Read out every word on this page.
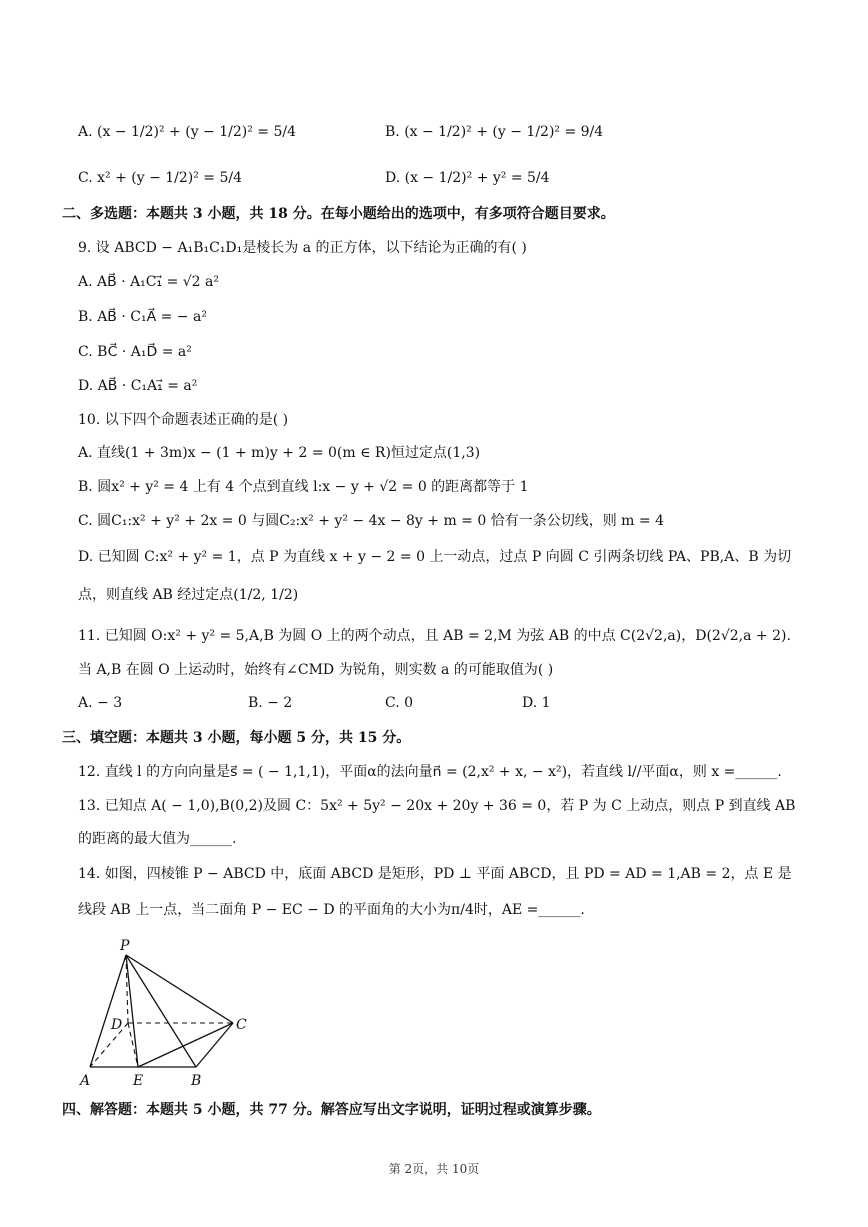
A. (x − 1/2)² + (y − 1/2)² = 5/4	B. (x − 1/2)² + (y − 1/2)² = 9/4
C. x² + (y − 1/2)² = 5/4	D. (x − 1/2)² + y² = 5/4
二、多选题：本题共 3 小题，共 18 分。在每小题给出的选项中，有多项符合题目要求。
9. 设 ABCD − A₁B₁C₁D₁是棱长为 a 的正方体，以下结论为正确的有( )
A. AB⃗ · A₁C₁⃗ = √2 a²
B. AB⃗ · C₁A⃗ = − a²
C. BC⃗ · A₁D⃗ = a²
D. AB⃗ · C₁A₁⃗ = a²
10. 以下四个命题表述正确的是( )
A. 直线(1 + 3m)x − (1 + m)y + 2 = 0(m ∈ R)恒过定点(1,3)
B. 圆x² + y² = 4 上有 4 个点到直线 l:x − y + √2 = 0 的距离都等于 1
C. 圆C₁:x² + y² + 2x = 0 与圆C₂:x² + y² − 4x − 8y + m = 0 恰有一条公切线，则 m = 4
D. 已知圆 C:x² + y² = 1，点 P 为直线 x + y − 2 = 0 上一动点，过点 P 向圆 C 引两条切线 PA、PB,A、B 为切
点，则直线 AB 经过定点(1/2, 1/2)
11. 已知圆 O:x² + y² = 5,A,B 为圆 O 上的两个动点，且 AB = 2,M 为弦 AB 的中点 C(2√2,a)，D(2√2,a + 2).
当 A,B 在圆 O 上运动时，始终有∠CMD 为锐角，则实数 a 的可能取值为( )
A. − 3	B. − 2	C. 0	D. 1
三、填空题：本题共 3 小题，每小题 5 分，共 15 分。
12. 直线 l 的方向向量是s⃗ = ( − 1,1,1)，平面α的法向量n⃗ = (2,x² + x, − x²)，若直线 l//平面α，则 x =______.
13. 已知点 A( − 1,0),B(0,2)及圆 C：5x² + 5y² − 20x + 20y + 36 = 0，若 P 为 C 上动点，则点 P 到直线 AB
的距离的最大值为______.
14. 如图，四棱锥 P − ABCD 中，底面 ABCD 是矩形，PD ⊥ 平面 ABCD，且 PD = AD = 1,AB = 2，点 E 是
线段 AB 上一点，当二面角 P − EC − D 的平面角的大小为π/4时，AE =______.
P
D	C
A	E	B
四、解答题：本题共 5 小题，共 77 分。解答应写出文字说明，证明过程或演算步骤。
第 2页，共 10页
